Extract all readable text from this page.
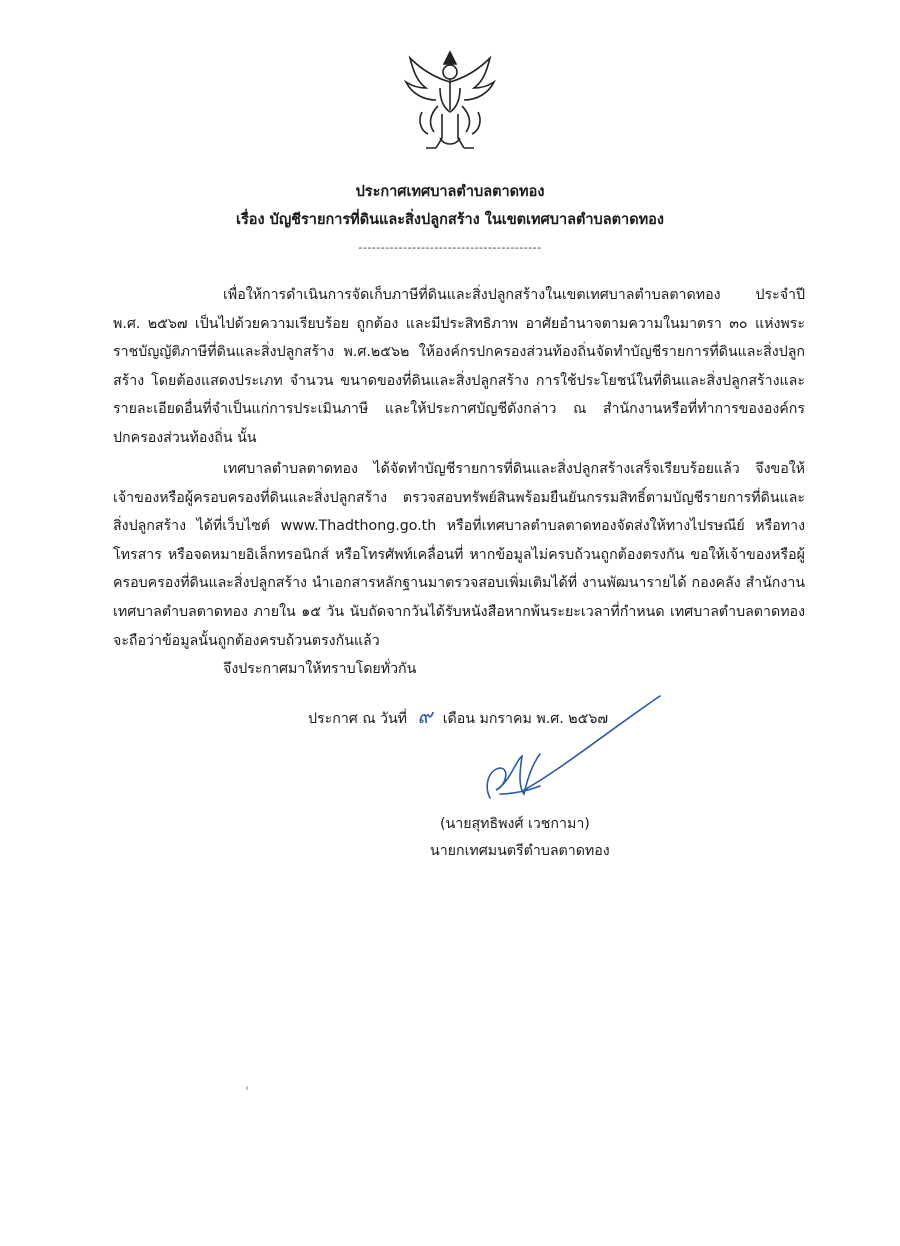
ประกาศเทศบาลตำบลตาดทอง
เรื่อง บัญชีรายการที่ดินและสิ่งปลูกสร้าง ในเขตเทศบาลตำบลตาดทอง
-----------------------------------------

เพื่อให้การดำเนินการจัดเก็บภาษีที่ดินและสิ่งปลูกสร้างในเขตเทศบาลตำบลตาดทอง ประจำปี พ.ศ. ๒๕๖๗ เป็นไปด้วยความเรียบร้อย ถูกต้อง และมีประสิทธิภาพ อาศัยอำนาจตามความในมาตรา ๓๐ แห่งพระราชบัญญัติภาษีที่ดินและสิ่งปลูกสร้าง พ.ศ.๒๕๖๒ ให้องค์กรปกครองส่วนท้องถิ่นจัดทำบัญชีรายการที่ดินและสิ่งปลูกสร้าง โดยต้องแสดงประเภท จำนวน ขนาดของที่ดินและสิ่งปลูกสร้าง การใช้ประโยชน์ในที่ดินและสิ่งปลูกสร้างและรายละเอียดอื่นที่จำเป็นแก่การประเมินภาษี และให้ประกาศบัญชีดังกล่าว ณ สำนักงานหรือที่ทำการขององค์กรปกครองส่วนท้องถิ่น นั้น

เทศบาลตำบลตาดทอง ได้จัดทำบัญชีรายการที่ดินและสิ่งปลูกสร้างเสร็จเรียบร้อยแล้ว จึงขอให้เจ้าของหรือผู้ครอบครองที่ดินและสิ่งปลูกสร้าง ตรวจสอบทรัพย์สินพร้อมยืนยันกรรมสิทธิ์ตามบัญชีรายการที่ดินและสิ่งปลูกสร้าง ได้ที่เว็บไซต์ www.Thadthong.go.th หรือที่เทศบาลตำบลตาดทองจัดส่งให้ทางไปรษณีย์ หรือทางโทรสาร หรือจดหมายอิเล็กทรอนิกส์ หรือโทรศัพท์เคลื่อนที่ หากข้อมูลไม่ครบถ้วนถูกต้องตรงกัน ขอให้เจ้าของหรือผู้ครอบครองที่ดินและสิ่งปลูกสร้าง นำเอกสารหลักฐานมาตรวจสอบเพิ่มเติมได้ที่ งานพัฒนารายได้ กองคลัง สำนักงานเทศบาลตำบลตาดทอง ภายใน ๑๕ วัน นับถัดจากวันได้รับหนังสือหากพ้นระยะเวลาที่กำหนด เทศบาลตำบลตาดทองจะถือว่าข้อมูลนั้นถูกต้องครบถ้วนตรงกันแล้ว

จึงประกาศมาให้ทราบโดยทั่วกัน
ประกาศ ณ วันที่ ๙ เดือน มกราคม พ.ศ. ๒๕๖๗
(นายสุทธิพงศ์ เวชกามา)
นายกเทศมนตรีตำบลตาดทอง
ˈ
